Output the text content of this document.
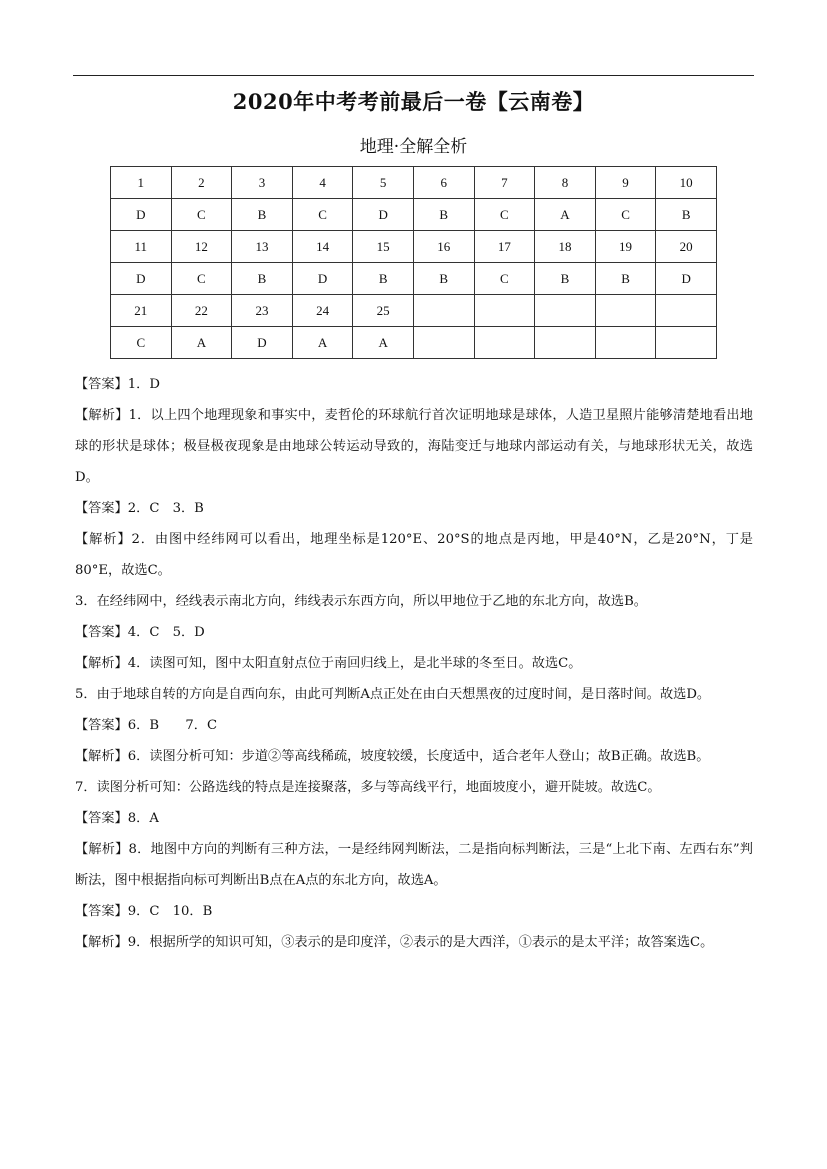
2020年中考考前最后一卷【云南卷】
地理·全解全析
1	2	3	4	5	6	7	8	9	10
D	C	B	C	D	B	C	A	C	B
11	12	13	14	15	16	17	18	19	20
D	C	B	D	B	B	C	B	B	D
21	22	23	24	25					
C	A	D	A	A					

【答案】1．D

【解析】1．以上四个地理现象和事实中，麦哲伦的环球航行首次证明地球是球体，人造卫星照片能够清楚地看出地球的形状是球体；极昼极夜现象是由地球公转运动导致的，海陆变迁与地球内部运动有关，与地球形状无关，故选D。

【答案】2．C　3．B

【解析】2．由图中经纬网可以看出，地理坐标是120°E、20°S的地点是丙地，甲是40°N，乙是20°N，丁是80°E，故选C。

3．在经纬网中，经线表示南北方向，纬线表示东西方向，所以甲地位于乙地的东北方向，故选B。

【答案】4．C　5．D

【解析】4．读图可知，图中太阳直射点位于南回归线上，是北半球的冬至日。故选C。

5．由于地球自转的方向是自西向东，由此可判断A点正处在由白天想黑夜的过度时间，是日落时间。故选D。

【答案】6．B　　7．C

【解析】6．读图分析可知：步道②等高线稀疏，坡度较缓，长度适中，适合老年人登山；故B正确。故选B。

7．读图分析可知：公路选线的特点是连接聚落，多与等高线平行，地面坡度小，避开陡坡。故选C。

【答案】8．A

【解析】8．地图中方向的判断有三种方法，一是经纬网判断法，二是指向标判断法，三是“上北下南、左西右东”判断法，图中根据指向标可判断出B点在A点的东北方向，故选A。

【答案】9．C　10．B

【解析】9．根据所学的知识可知，③表示的是印度洋，②表示的是大西洋，①表示的是太平洋；故答案选C。
